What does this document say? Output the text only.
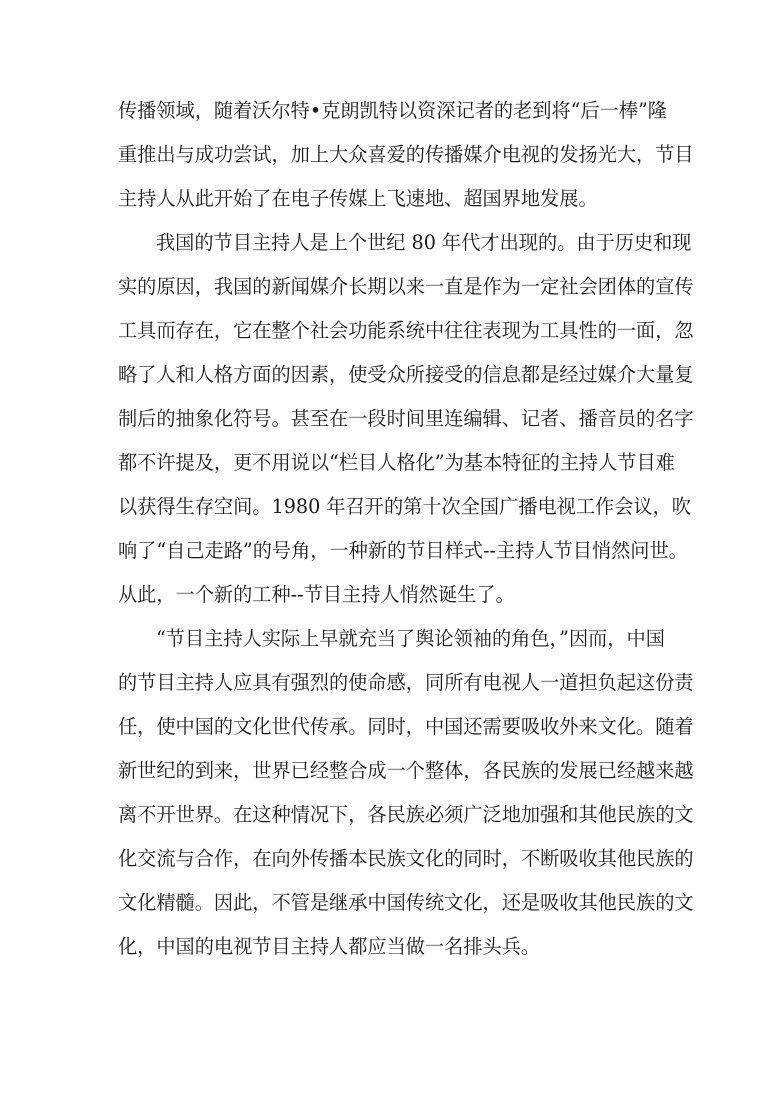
传播领域，随着沃尔特•克朗凯特以资深记者的老到将“后一棒”隆
重推出与成功尝试，加上大众喜爱的传播媒介电视的发扬光大，节目
主持人从此开始了在电子传媒上飞速地、超国界地发展。
我国的节目主持人是上个世纪 80 年代才出现的。由于历史和现
实的原因，我国的新闻媒介长期以来一直是作为一定社会团体的宣传
工具而存在，它在整个社会功能系统中往往表现为工具性的一面，忽
略了人和人格方面的因素，使受众所接受的信息都是经过媒介大量复
制后的抽象化符号。甚至在一段时间里连编辑、记者、播音员的名字
都不许提及，更不用说以“栏目人格化”为基本特征的主持人节目难
以获得生存空间。1980 年召开的第十次全国广播电视工作会议，吹
响了“自己走路”的号角，一种新的节目样式--主持人节目悄然问世。
从此，一个新的工种--节目主持人悄然诞生了。
“节目主持人实际上早就充当了舆论领袖的角色，”因而，中国
的节目主持人应具有强烈的使命感，同所有电视人一道担负起这份责
任，使中国的文化世代传承。同时，中国还需要吸收外来文化。随着
新世纪的到来，世界已经整合成一个整体，各民族的发展已经越来越
离不开世界。在这种情况下，各民族必须广泛地加强和其他民族的文
化交流与合作，在向外传播本民族文化的同时，不断吸收其他民族的
文化精髓。因此，不管是继承中国传统文化，还是吸收其他民族的文
化，中国的电视节目主持人都应当做一名排头兵。
